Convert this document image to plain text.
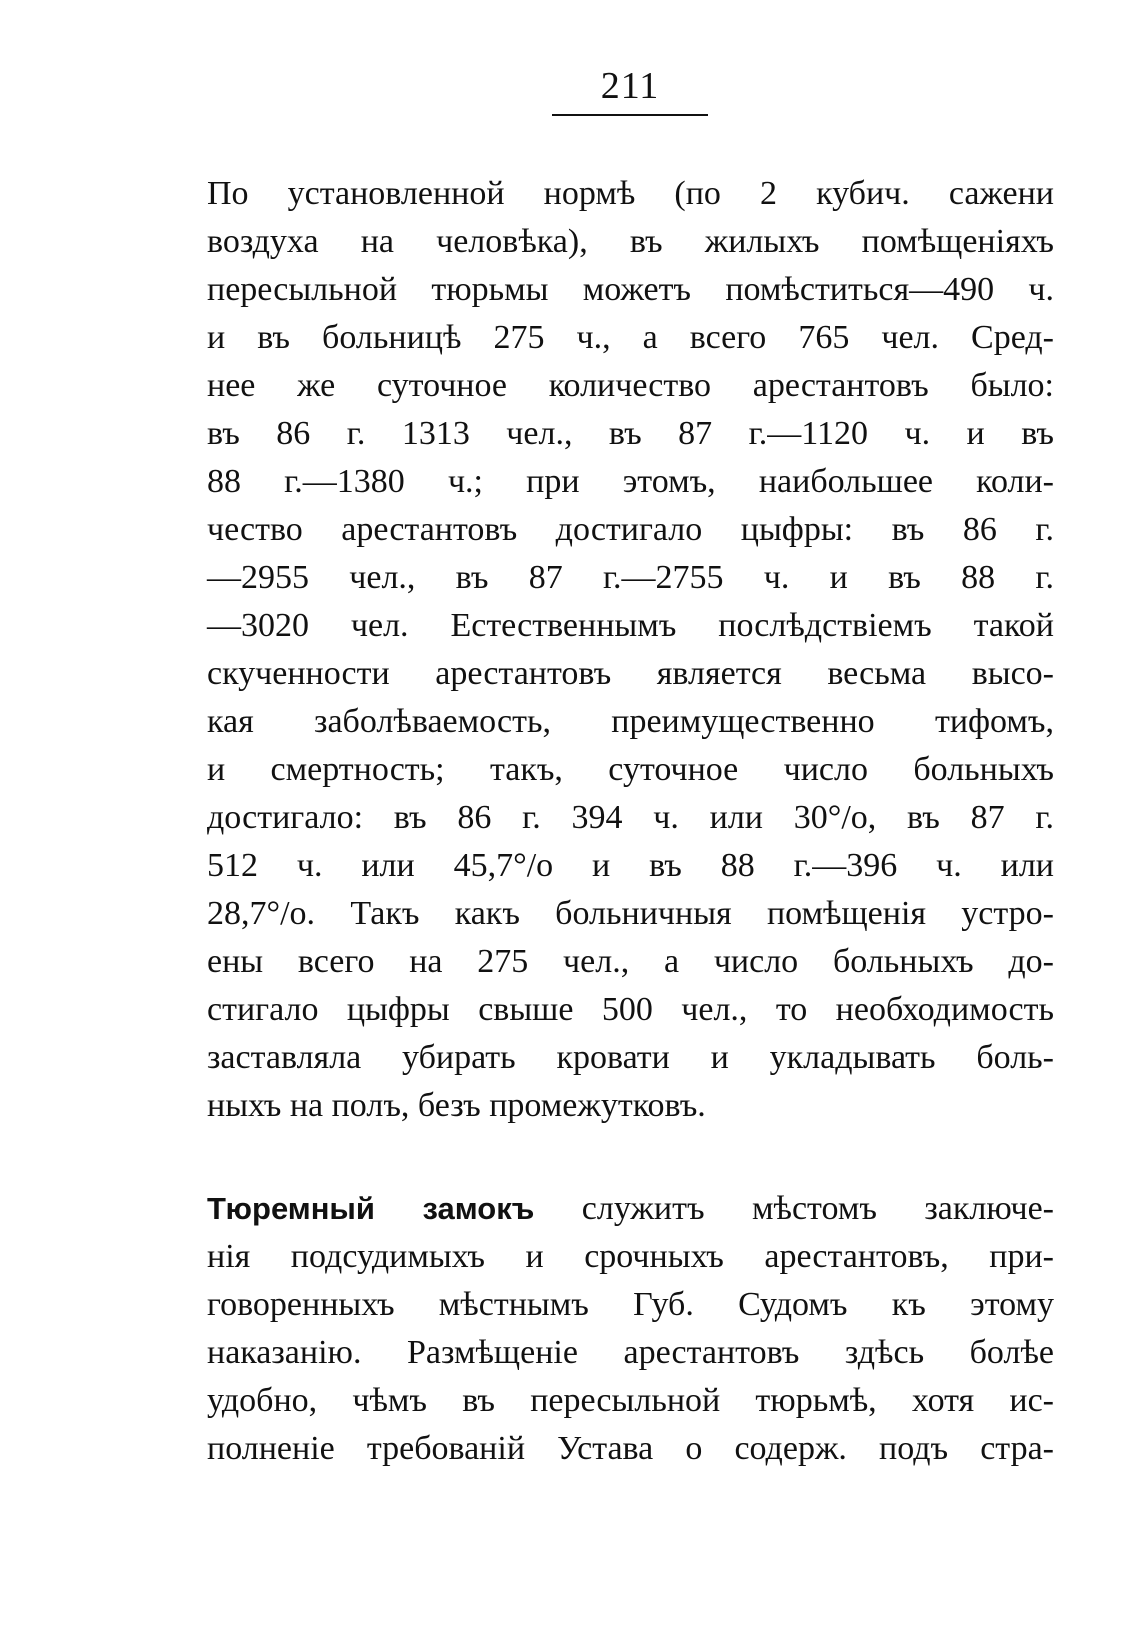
211
По установленной нормѣ (по 2 кубич. сажени
воздуха на человѣка), въ жилыхъ помѣщеніяхъ
пересыльной тюрьмы можетъ помѣститься—490 ч.
и въ больницѣ 275 ч., а всего 765 чел. Сред-
нее же суточное количество арестантовъ было:
въ 86 г. 1313 чел., въ 87 г.—1120 ч. и въ
88 г.—1380 ч.; при этомъ, наибольшее коли-
чество арестантовъ достигало цыфры: въ 86 г.
—2955 чел., въ 87 г.—2755 ч. и въ 88 г.
—3020 чел. Естественнымъ послѣдствіемъ такой
скученности арестантовъ является весьма высо-
кая заболѣваемость, преимущественно тифомъ,
и смертность; такъ, суточное число больныхъ
достигало: въ 86 г. 394 ч. или 30°/о, въ 87 г.
512 ч. или 45,7°/о и въ 88 г.—396 ч. или
28,7°/о. Такъ какъ больничныя помѣщенія устро-
ены всего на 275 чел., а число больныхъ до-
стигало цыфры свыше 500 чел., то необходимость
заставляла убирать кровати и укладывать боль-
ныхъ на полъ, безъ промежутковъ.
Тюремный замокъ служитъ мѣстомъ заключе-
нія подсудимыхъ и срочныхъ арестантовъ, при-
говоренныхъ мѣстнымъ Губ. Судомъ къ этому
наказанію. Размѣщеніе арестантовъ здѣсь болѣе
удобно, чѣмъ въ пересыльной тюрьмѣ, хотя ис-
полненіе требованій Устава о содерж. подъ стра-
